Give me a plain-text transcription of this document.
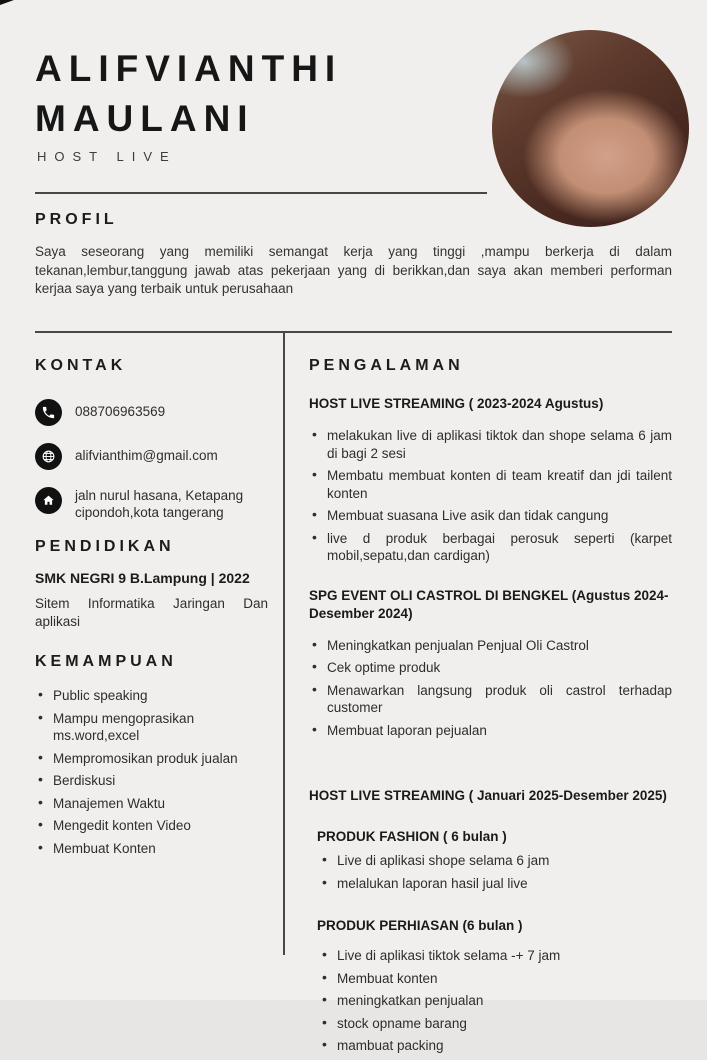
ALIFVIANTHI
MAULANI
HOST LIVE
PROFIL
Saya seseorang yang memiliki semangat kerja yang tinggi ,mampu berkerja di dalam tekanan,lembur,tanggung jawab atas pekerjaan yang di berikkan,dan saya akan memberi performan kerjaa saya yang terbaik untuk perusahaan
KONTAK
088706963569
alifvianthim@gmail.com
jaln nurul hasana, Ketapang cipondoh,kota tangerang
PENDIDIKAN
SMK NEGRI 9 B.Lampung | 2022
Sitem Informatika Jaringan Dan aplikasi
KEMAMPUAN
• Public speaking
• Mampu mengoprasikan ms.word,excel
• Mempromosikan produk jualan
• Berdiskusi
• Manajemen Waktu
• Mengedit konten Video
• Membuat Konten
PENGALAMAN
HOST LIVE STREAMING ( 2023-2024 Agustus)
• melakukan live di aplikasi tiktok dan shope selama 6 jam di bagi 2 sesi
• Membatu membuat konten di team kreatif dan jdi tailent konten
• Membuat suasana Live asik dan tidak cangung
• live d produk berbagai perosuk seperti (karpet mobil,sepatu,dan cardigan)
SPG EVENT OLI CASTROL DI BENGKEL (Agustus 2024-Desember 2024)
• Meningkatkan penjualan Penjual Oli Castrol
• Cek optime produk
• Menawarkan langsung produk oli castrol terhadap customer
• Membuat laporan pejualan
HOST LIVE STREAMING ( Januari 2025-Desember 2025)
PRODUK FASHION ( 6 bulan )
• Live di aplikasi shope selama 6 jam
• melalukan laporan hasil jual live
PRODUK PERHIASAN (6 bulan )
• Live di aplikasi tiktok selama -+ 7 jam
• Membuat konten
• meningkatkan penjualan
• stock opname barang
• mambuat packing
